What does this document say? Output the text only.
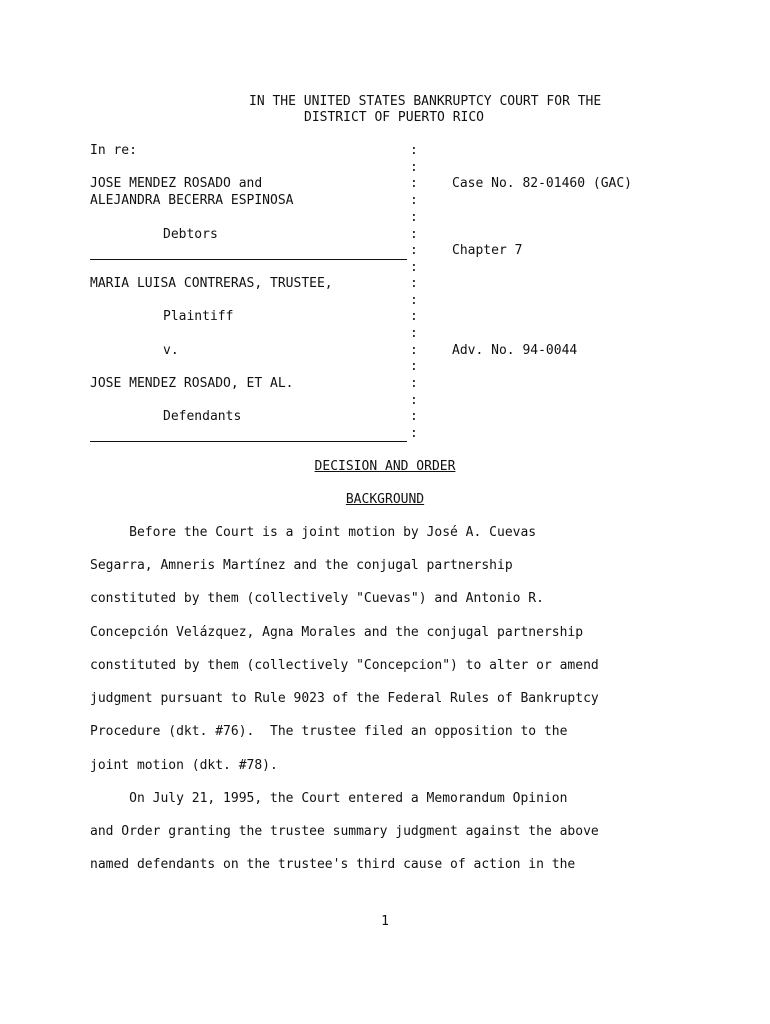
IN THE UNITED STATES BANKRUPTCY COURT FOR THE
DISTRICT OF PUERTO RICO
In re:
JOSE MENDEZ ROSADO and
ALEJANDRA BECERRA ESPINOSA
Debtors
MARIA LUISA CONTRERAS, TRUSTEE,
Plaintiff
v.
JOSE MENDEZ ROSADO, ET AL.
Defendants
:
:
:
:
:
:
:
:
:
:
:
:
:
:
:
:
:
:
Case No. 82-01460 (GAC)
Chapter 7
Adv. No. 94-0044
DECISION AND ORDER
BACKGROUND
Before the Court is a joint motion by José A. Cuevas
Segarra, Amneris Martínez and the conjugal partnership
constituted by them (collectively "Cuevas") and Antonio R.
Concepción Velázquez, Agna Morales and the conjugal partnership
constituted by them (collectively "Concepcion") to alter or amend
judgment pursuant to Rule 9023 of the Federal Rules of Bankruptcy
Procedure (dkt. #76).  The trustee filed an opposition to the
joint motion (dkt. #78).
On July 21, 1995, the Court entered a Memorandum Opinion
and Order granting the trustee summary judgment against the above
named defendants on the trustee's third cause of action in the
1
